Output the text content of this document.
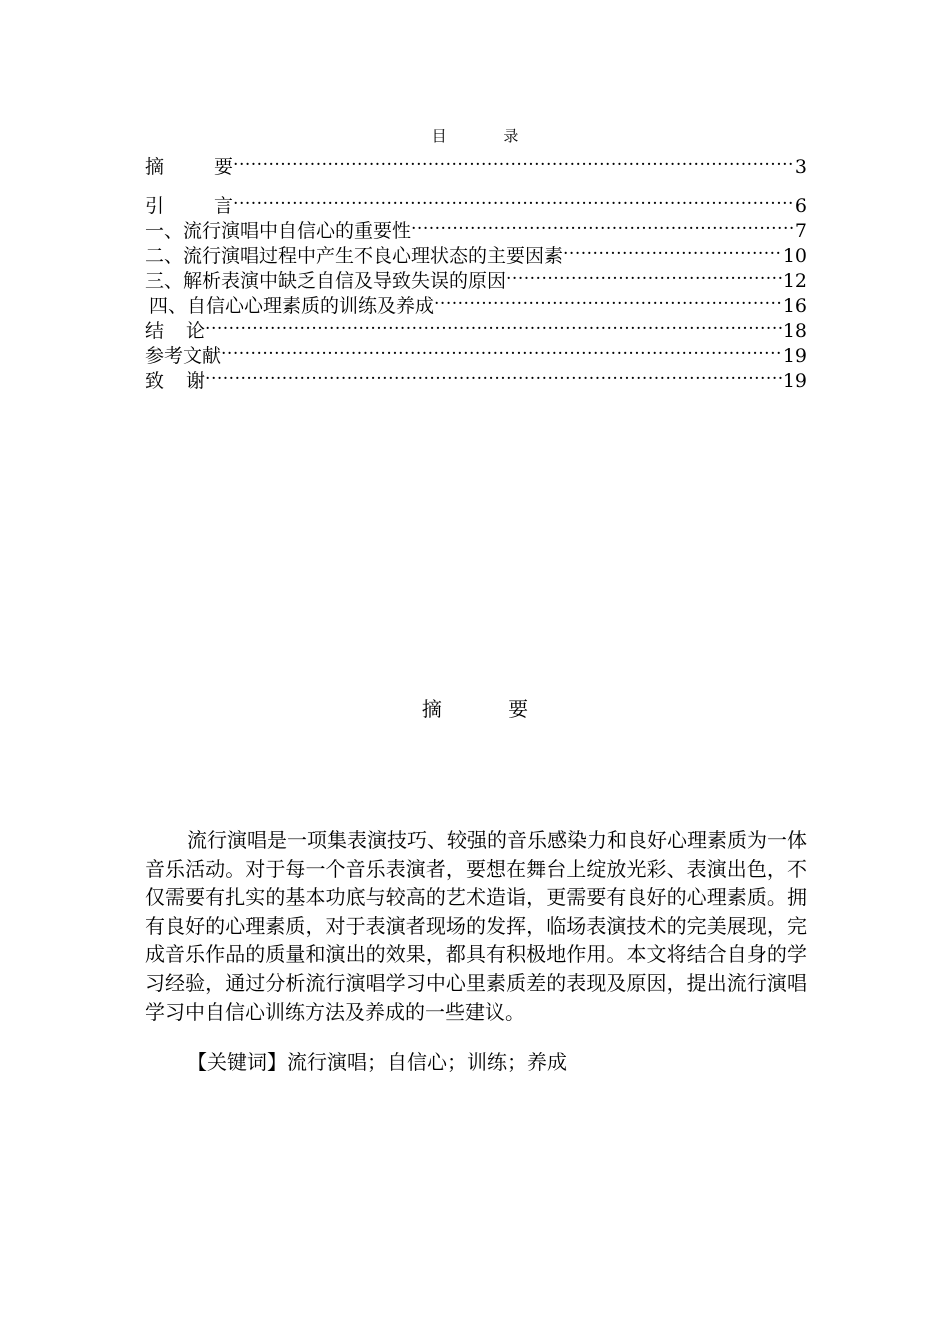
目 录
摘 要 .....	3
引 言 .....	6
一、流行演唱中自信心的重要性 .....	7
二、流行演唱过程中产生不良心理状态的主要因素 .....	10
三、解析表演中缺乏自信及导致失误的原因 .....	12
四、自信心心理素质的训练及养成 .....	16
结 论 .....	18
参考文献 .....	19
致 谢 .....	19
摘 要

流行演唱是一项集表演技巧、较强的音乐感染力和良好心理素质为一体音乐活动。对于每一个音乐表演者，要想在舞台上绽放光彩、表演出色，不仅需要有扎实的基本功底与较高的艺术造诣，更需要有良好的心理素质。拥有良好的心理素质，对于表演者现场的发挥，临场表演技术的完美展现，完成音乐作品的质量和演出的效果，都具有积极地作用。本文将结合自身的学习经验，通过分析流行演唱学习中心里素质差的表现及原因，提出流行演唱学习中自信心训练方法及养成的一些建议。

【关键词】流行演唱；自信心；训练；养成
